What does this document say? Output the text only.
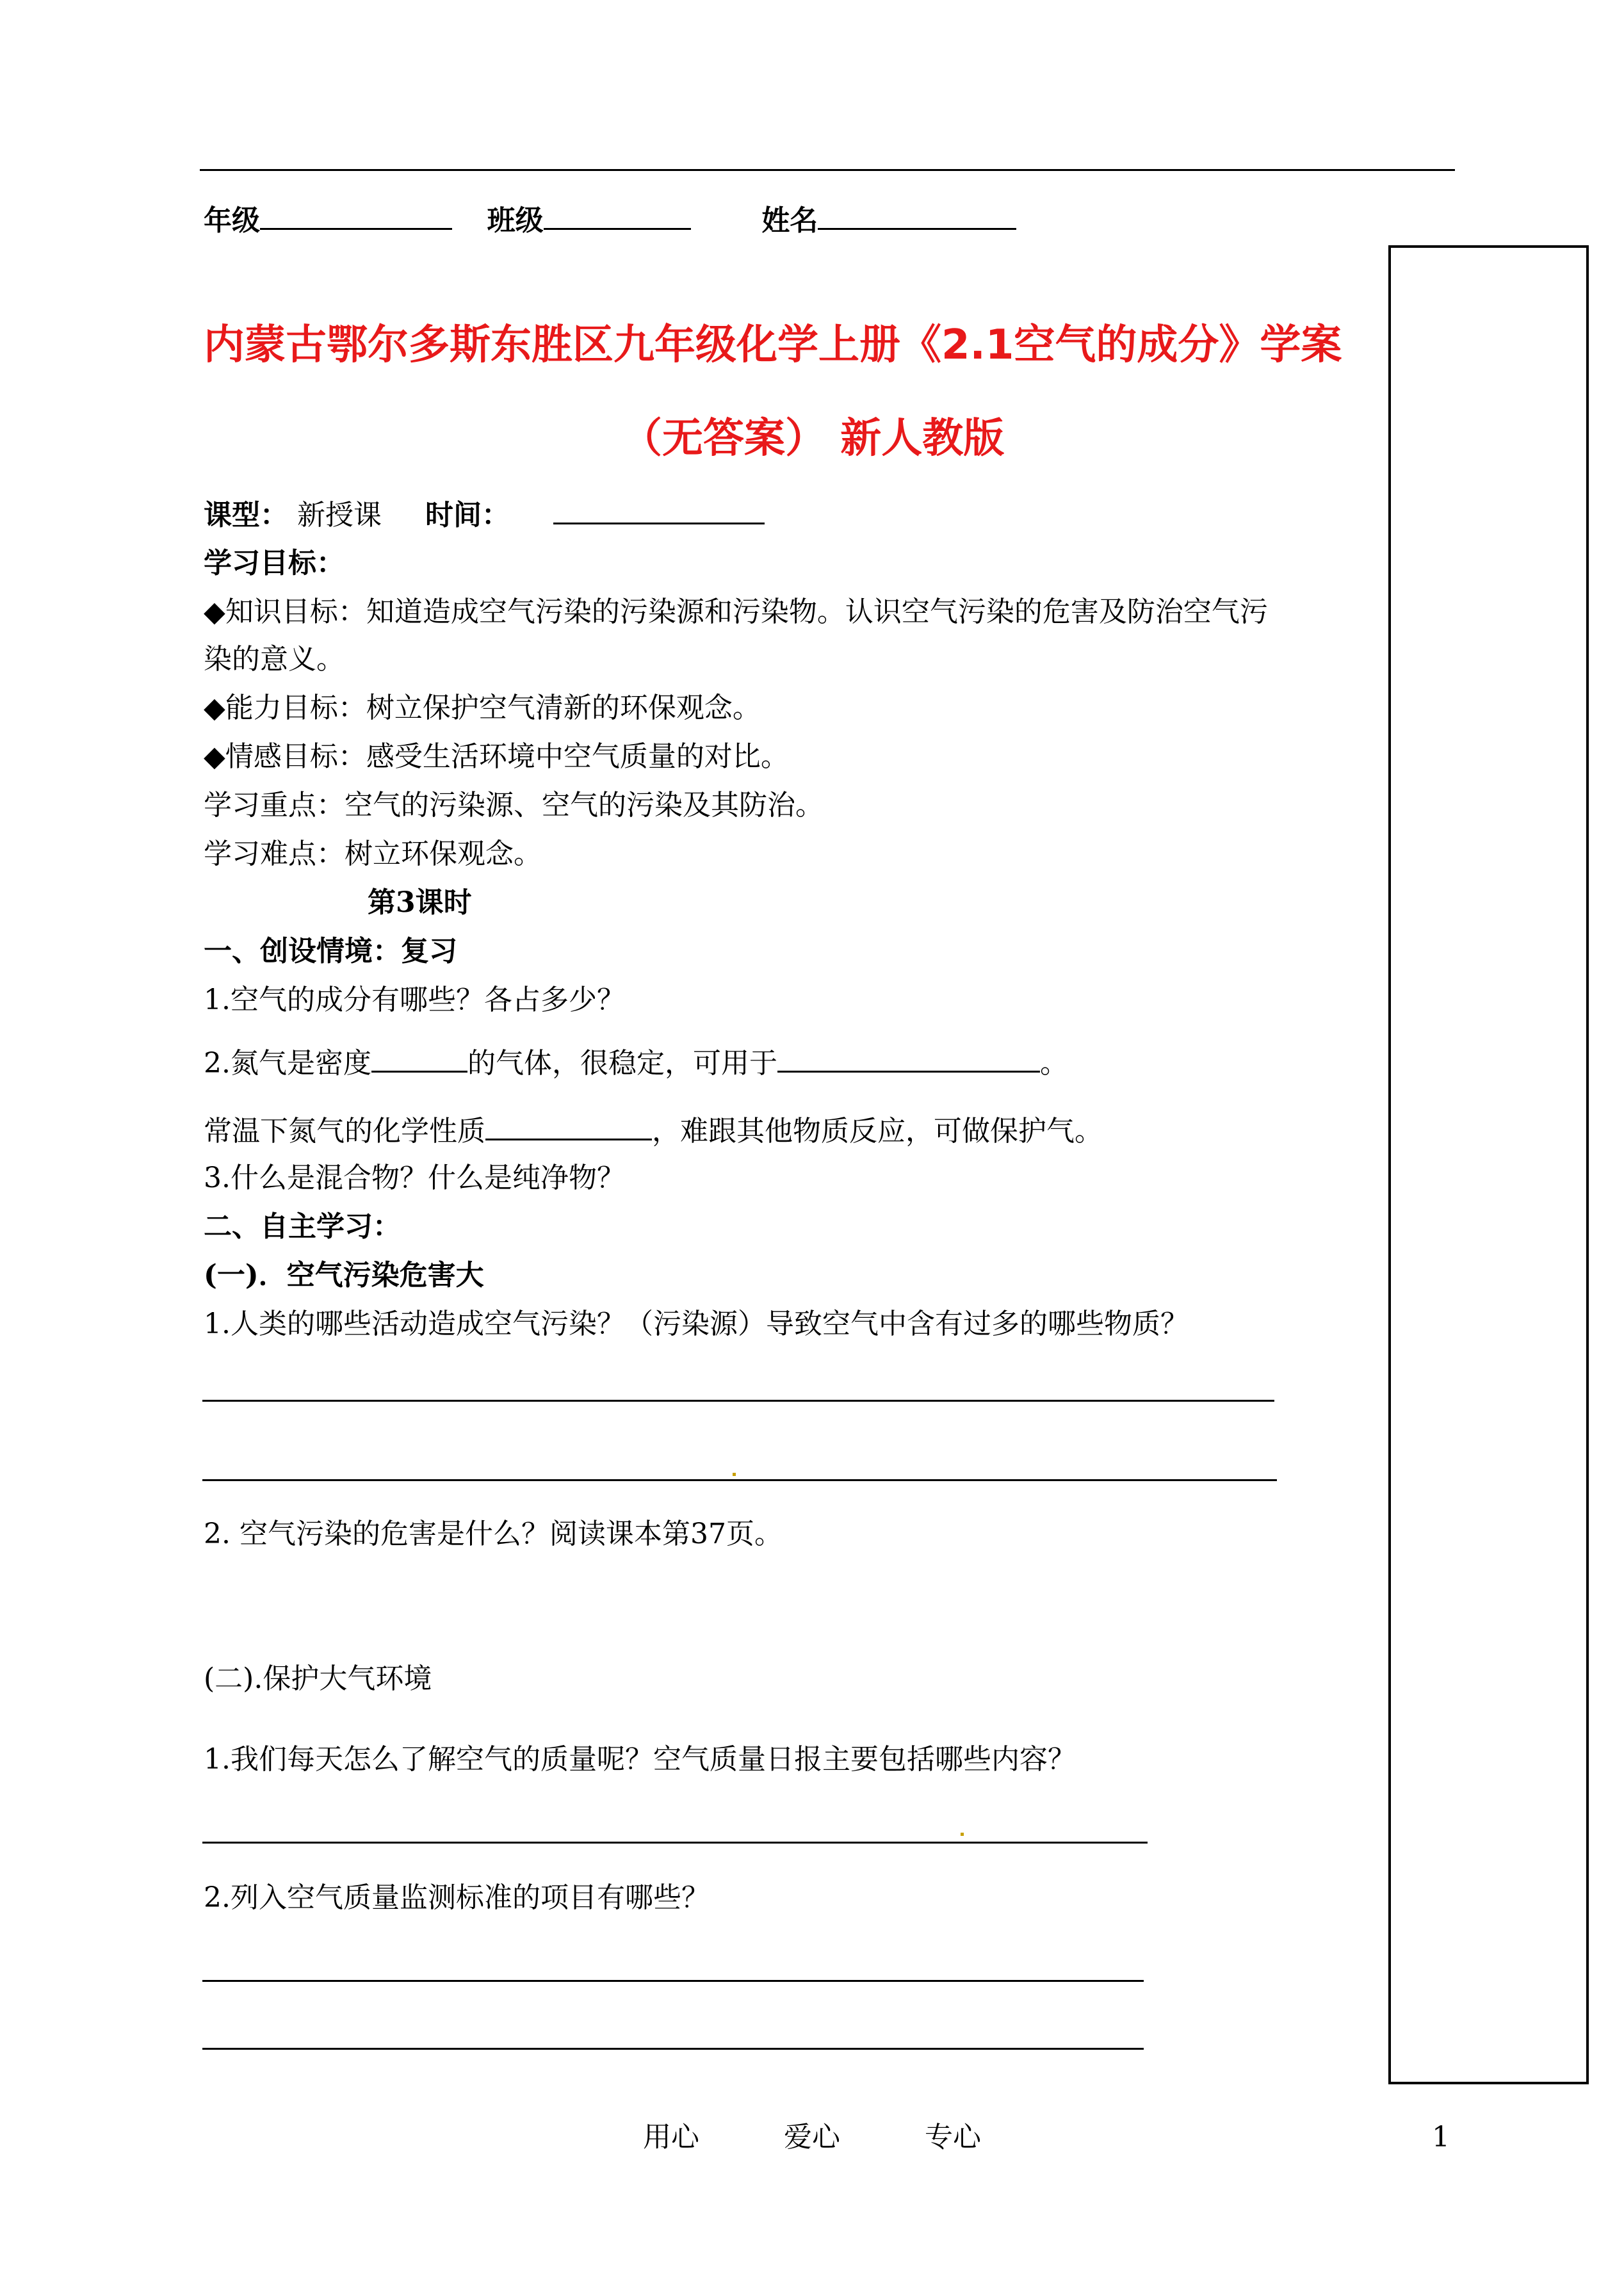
年级	班级	姓名
内蒙古鄂尔多斯东胜区九年级化学上册《2.1空气的成分》学案
（无答案） 新人教版
课型： 新授课 时间：
学习目标：
◆知识目标：知道造成空气污染的污染源和污染物。认识空气污染的危害及防治空气污
染的意义。
◆能力目标：树立保护空气清新的环保观念。
◆情感目标：感受生活环境中空气质量的对比。
学习重点：空气的污染源、空气的污染及其防治。
学习难点：树立环保观念。
第3课时
一、创设情境：复习
1.空气的成分有哪些？各占多少？
2.氮气是密度	的气体，很稳定，可用于	。
常温下氮气的化学性质	，难跟其他物质反应，可做保护气。
3.什么是混合物？什么是纯净物？
二、自主学习：
(一)．空气污染危害大
1.人类的哪些活动造成空气污染？（污染源）导致空气中含有过多的哪些物质？
2. 空气污染的危害是什么？阅读课本第37页。
(二).保护大气环境
1.我们每天怎么了解空气的质量呢？空气质量日报主要包括哪些内容？
2.列入空气质量监测标准的项目有哪些？
用心	爱心	专心	1
